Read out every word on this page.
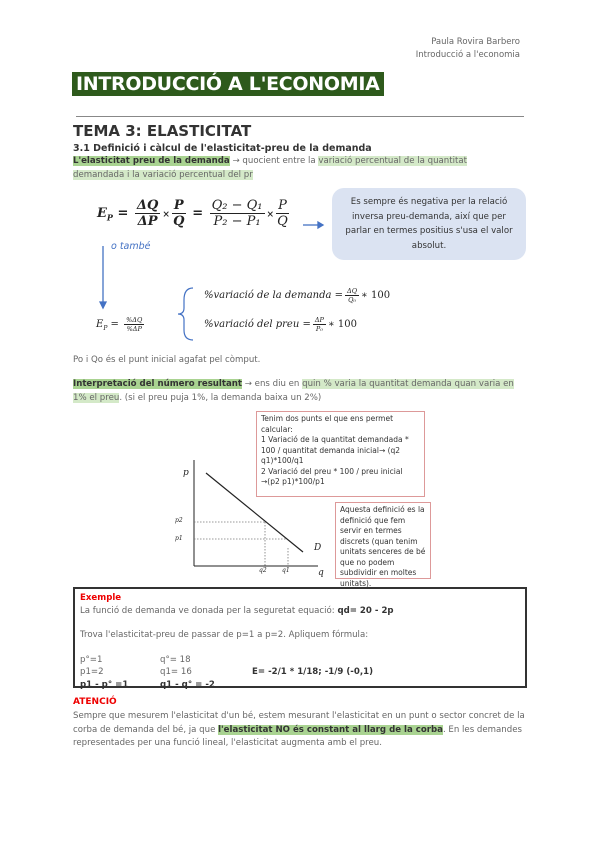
Paula Rovira Barbero
Introducció a l'economia
INTRODUCCIÓ A L'ECONOMIA
TEMA 3: ELASTICITAT
3.1 Definició i càlcul de l'elasticitat-preu de la demanda
L'elasticitat preu de la demanda → quocient entre la variació percentual de la quantitat
demandada i la variació percentual del pr
$E_P = \frac{\Delta Q}{\Delta P} \times \frac{P}{Q} = \frac{\text{Q₂ − Q₁}}{\text{P₂ − P₁}} \times \frac{P}{Q}$	Es sempre és negativa per la relació inversa preu-demanda, així que per parlar en termes positius s'usa el valor absolut.
o també
$E_P = \frac{\%\Delta Q}{\%\Delta P}$
%variació de la demanda = $\frac{\Delta Q}{\text{Q₀}}$ ∗ 100
%variació del preu = $\frac{\Delta P}{\text{P₀}}$ ∗ 100
Po i Qo és el punt inicial agafat pel còmput.
Interpretació del número resultant → ens diu en quin % varia la quantitat demanda quan varia en
1% el preu. (si el preu puja 1%, la demanda baixa un 2%)
p
p2
p1
q2	q1
D
q
Tenim dos punts el que ens permet calcular:
1 Variació de la quantitat demandada * 100 / quantitat demanda inicial→ (q2 q1)*100/q1
2 Variació del preu * 100 / preu inicial →(p2 p1)*100/p1
Aquesta definició es la definició que fem servir en termes discrets (quan tenim unitats senceres de bé que no podem subdividir en moltes unitats).
Exemple
La funció de demanda ve donada per la seguretat equació: qd= 20 - 2p
Trova l'elasticitat-preu de passar de p=1 a p=2. Apliquem fórmula:
p°=1
p1=2
p1 - p° =1
q°= 18
q1= 16
q1 - q° = -2
E= -2/1 * 1/18; -1/9 (-0,1)
ATENCIÓ
Sempre que mesurem l'elasticitat d'un bé, estem mesurant l'elasticitat en un punt o sector concret de la corba de demanda del bé, ja que l'elasticitat NO és constant al llarg de la corba. En les demandes representades per una funció lineal, l'elasticitat augmenta amb el preu.
